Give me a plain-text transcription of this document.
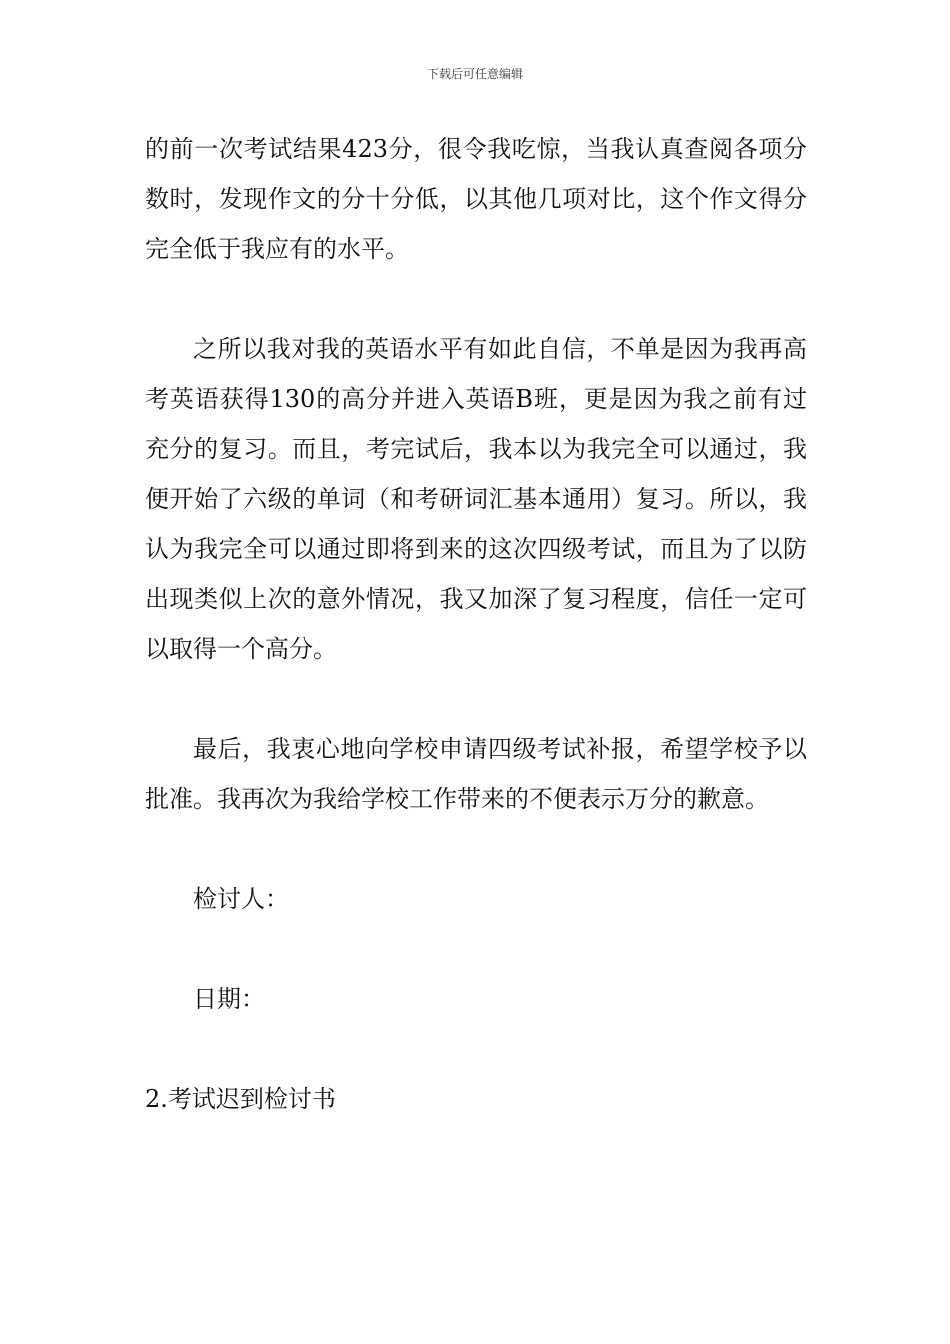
下载后可任意编辑

的前一次考试结果423分，很令我吃惊，当我认真查阅各项分数时，发现作文的分十分低，以其他几项对比，这个作文得分完全低于我应有的水平。

之所以我对我的英语水平有如此自信，不单是因为我再高考英语获得130的高分并进入英语B班，更是因为我之前有过充分的复习。而且，考完试后，我本以为我完全可以通过，我便开始了六级的单词（和考研词汇基本通用）复习。所以，我认为我完全可以通过即将到来的这次四级考试，而且为了以防出现类似上次的意外情况，我又加深了复习程度，信任一定可以取得一个高分。

最后，我衷心地向学校申请四级考试补报，希望学校予以批准。我再次为我给学校工作带来的不便表示万分的歉意。

检讨人：

日期：

2.考试迟到检讨书
